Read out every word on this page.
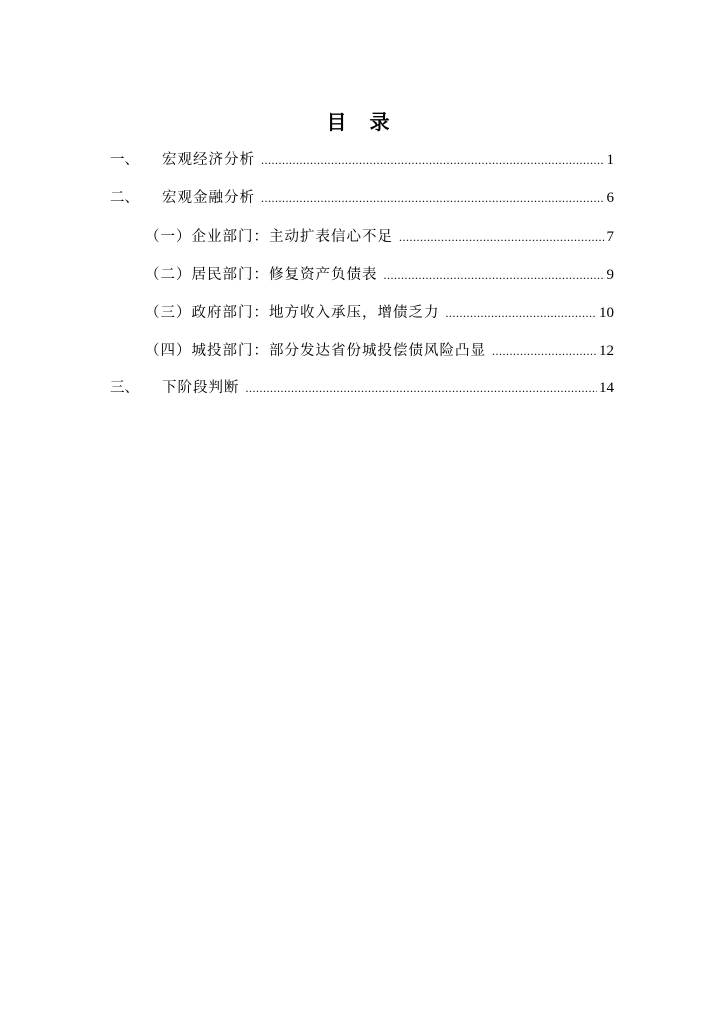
目 录
一、	宏观经济分析 .....	1
二、	宏观金融分析 .....	6
（一）企业部门：主动扩表信心不足 .....	7
（二）居民部门：修复资产负债表 .....	9
（三）政府部门：地方收入承压，增债乏力 .....	10
（四）城投部门：部分发达省份城投偿债风险凸显 .....	12
三、	下阶段判断 .....	14
